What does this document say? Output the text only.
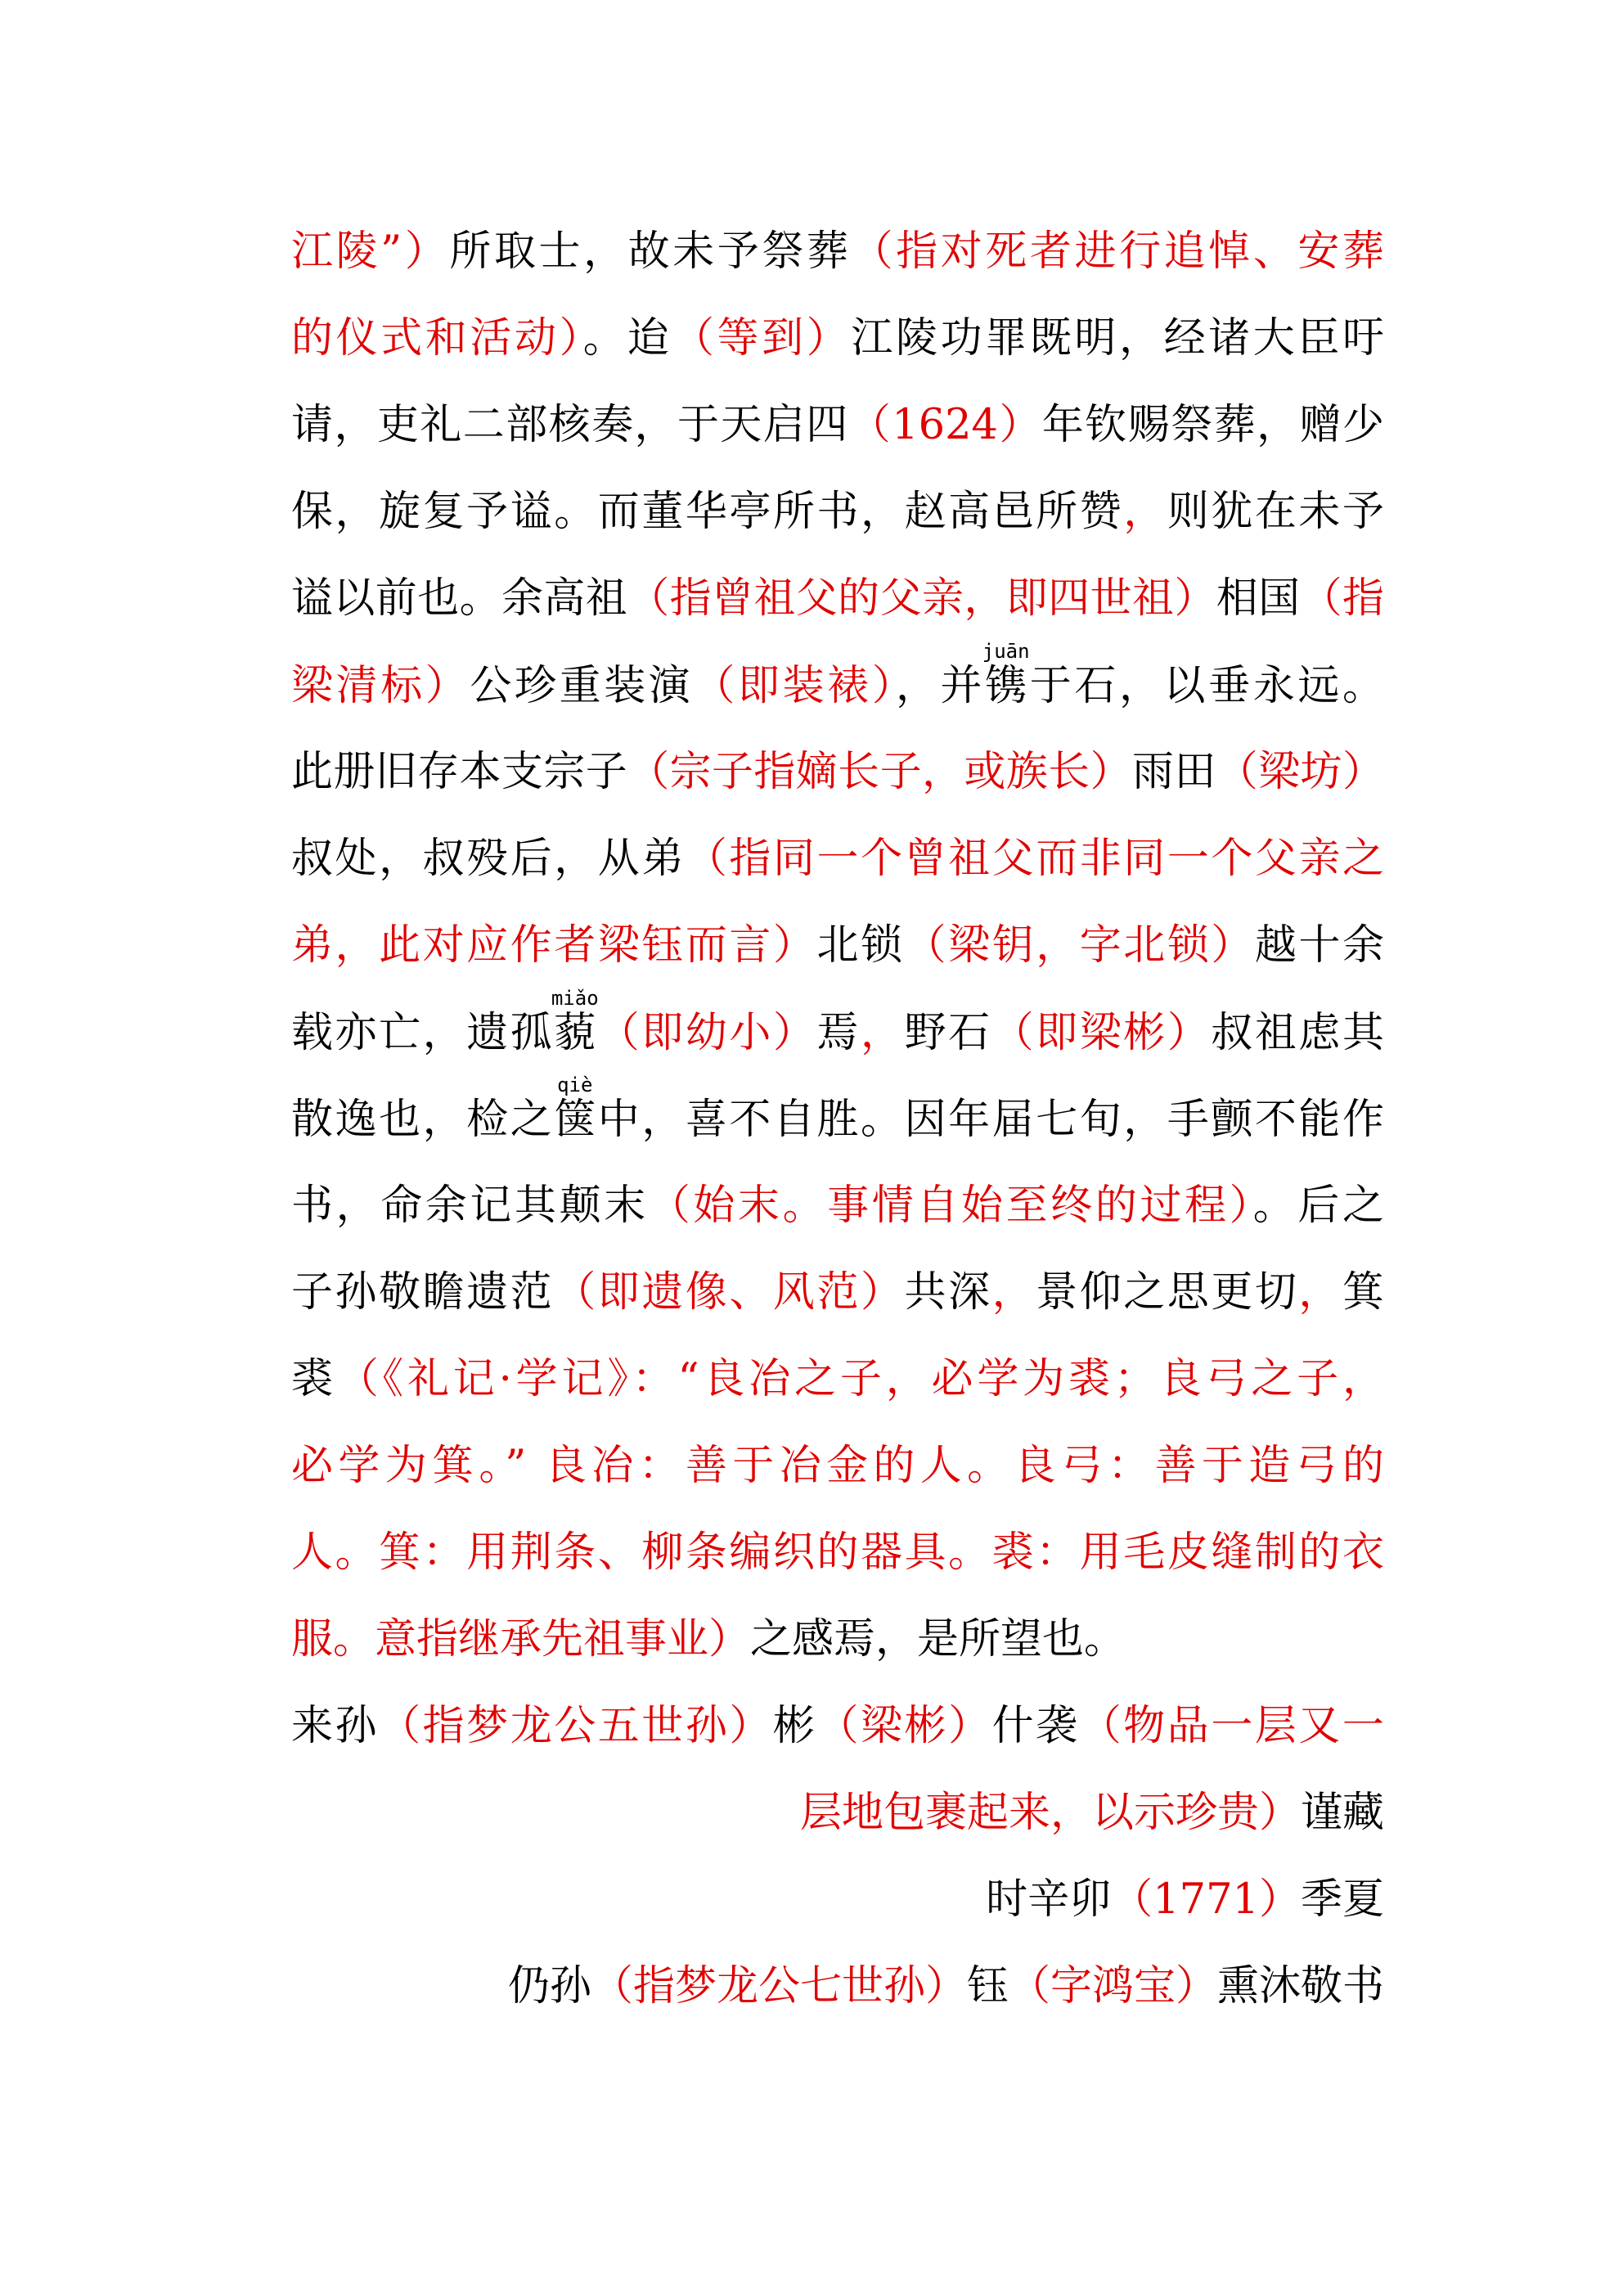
江陵”）所取士，故未予祭葬（指对死者进行追悼、安葬
的仪式和活动）。迨（等到）江陵功罪既明，经诸大臣吁
请，吏礼二部核奏，于天启四（1624）年钦赐祭葬，赠少
保，旋复予谥。而董华亭所书，赵高邑所赞，则犹在未予
谥以前也。余高祖（指曾祖父的父亲，即四世祖）相国（指
梁清标）公珍重装演（即装裱），并镌juān于石，以垂永远。
此册旧存本支宗子（宗子指嫡长子，或族长）雨田（梁坊）
叔处，叔殁后，从弟（指同一个曾祖父而非同一个父亲之
弟，此对应作者梁钰而言）北锁（梁钥，字北锁）越十余
载亦亡，遗孤藐miǎo（即幼小）焉，野石（即梁彬）叔祖虑其
散逸也，检之箧qiè中，喜不自胜。因年届七旬，手颤不能作
书，命余记其颠末（始末。事情自始至终的过程）。后之
子孙敬瞻遗范（即遗像、风范）共深，景仰之思更切，箕
裘（《礼记·学记》：“良冶之子，必学为裘；良弓之子，
必学为箕。” 良冶：善于冶金的人。良弓：善于造弓的
人。箕：用荆条、柳条编织的器具。裘：用毛皮缝制的衣
服。意指继承先祖事业）之感焉，是所望也。
来孙（指梦龙公五世孙）彬（梁彬）什袭（物品一层又一
层地包裹起来，以示珍贵）谨藏
时辛卯（1771）季夏
仍孙（指梦龙公七世孙）钰（字鸿宝）熏沐敬书
